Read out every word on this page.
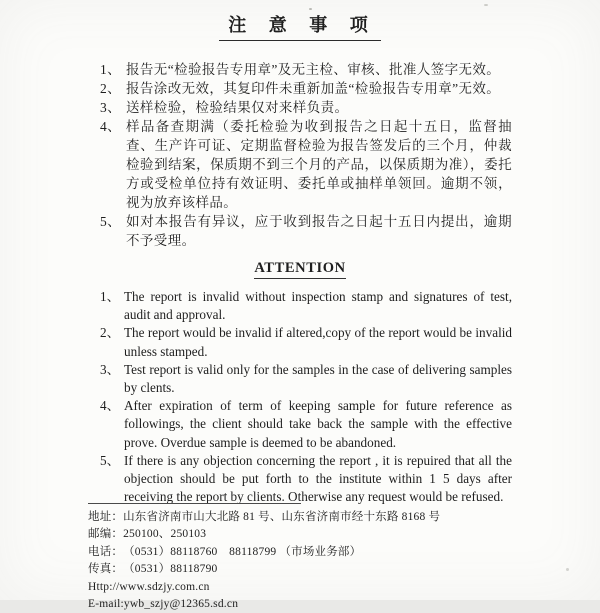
注 意 事 项
1、 报告无“检验报告专用章”及无主检、审核、批准人签字无效。
2、 报告涂改无效，其复印件未重新加盖“检验报告专用章”无效。
3、 送样检验，检验结果仅对来样负责。
4、 样品备查期满（委托检验为收到报告之日起十五日，监督抽查、生产许可证、定期监督检验为报告签发后的三个月，仲裁检验到结案，保质期不到三个月的产品，以保质期为准），委托方或受检单位持有效证明、委托单或抽样单领回。逾期不领，视为放弃该样品。
5、 如对本报告有异议，应于收到报告之日起十五日内提出，逾期不予受理。
ATTENTION
1、 The report is invalid without inspection stamp and signatures of test, audit and approval.
2、 The report would be invalid if altered,copy of the report would be invalid unless stamped.
3、 Test report is valid only for the samples in the case of delivering samples by clents.
4、 After expiration of term of keeping sample for future reference as followings, the client should take back the sample with the effective prove. Overdue sample is deemed to be abandoned.
5、 If there is any objection concerning the report , it is repuired that all the objection should be put forth to the institute within 1 5 days after receiving the report by clients. Otherwise any request would be refused.
地址： 山东省济南市山大北路 81 号、山东省济南市经十东路 8168 号
邮编： 250100、250103
电话： （0531）88118760　88118799 （市场业务部）
传真： （0531）88118790
Http://www.sdzjy.com.cn
E-mail:ywb_szjy@12365.sd.cn
